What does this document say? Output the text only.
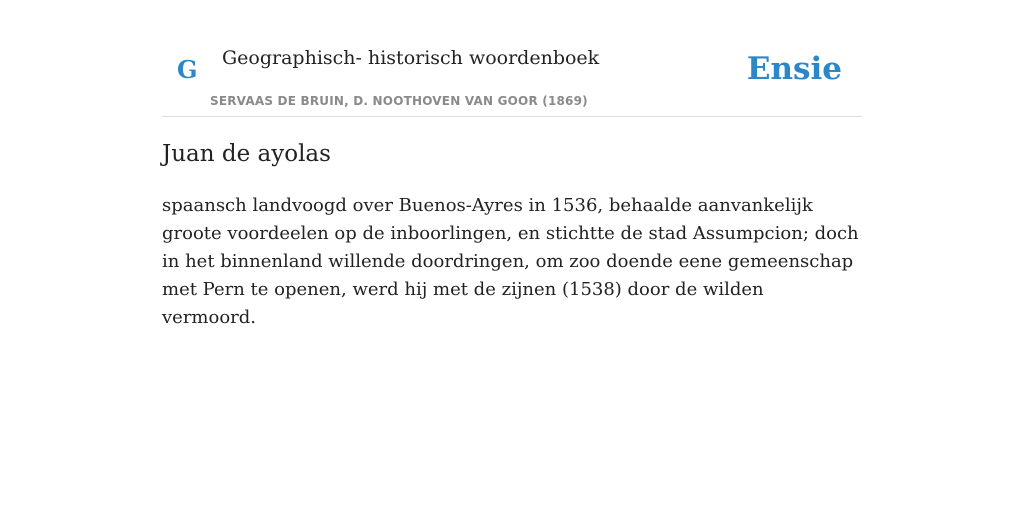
G Geographisch- historisch woordenboek
SERVAAS DE BRUIN, D. NOOTHOVEN VAN GOOR (1869)
Ensie
Juan de ayolas

spaansch landvoogd over Buenos-Ayres in 1536, behaalde aanvankelijk groote voordeelen op de inboorlingen, en stichtte de stad Assumpcion; doch in het binnenland willende doordringen, om zoo doende eene gemeenschap met Pern te openen, werd hij met de zijnen (1538) door de wilden vermoord.
